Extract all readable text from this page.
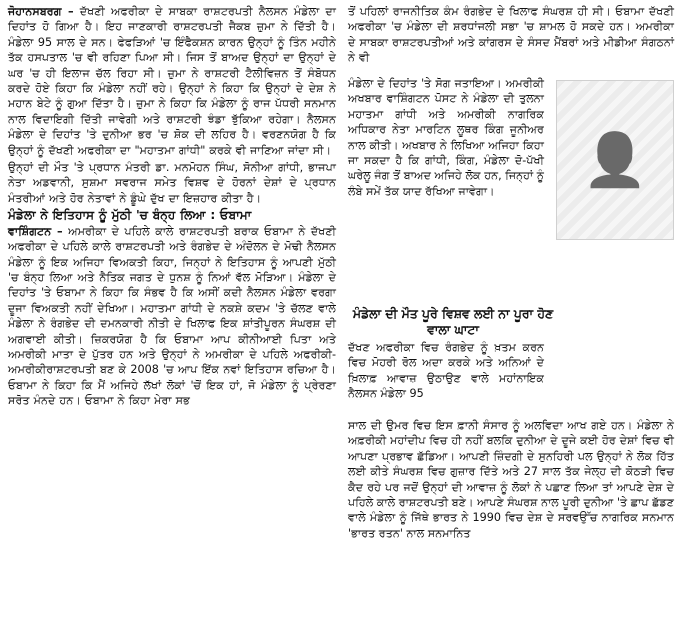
ਜੋਹਾਨਸਬਰਗ – ਦੱਖਣੀ ਅਫਰੀਕਾ ਦੇ ਸਾਬਕਾ ਰਾਸ਼ਟਰਪਤੀ ਨੈਲਸਨ ਮੰਡੇਲਾ ਦਾ ਦਿਹਾਂਤ ਹੋ ਗਿਆ ਹੈ। ਇਹ ਜਾਣਕਾਰੀ ਰਾਸ਼ਟਰਪਤੀ ਜੈਕਬ ਜ਼ੁਮਾ ਨੇ ਦਿੱਤੀ ਹੈ। ਮੰਡੇਲਾ 95 ਸਾਲ ਦੇ ਸਨ। ਫੇਫੜਿਆਂ 'ਚ ਇੰਫੈਕਸ਼ਨ ਕਾਰਨ ਉਨ੍ਹਾਂ ਨੂੰ ਤਿੰਨ ਮਹੀਨੇ ਤੱਕ ਹਸਪਤਾਲ 'ਚ ਵੀ ਰਹਿਣਾ ਪਿਆ ਸੀ। ਜਿਸ ਤੋਂ ਬਾਅਦ ਉਨ੍ਹਾਂ ਦਾ ਉਨ੍ਹਾਂ ਦੇ ਘਰ 'ਚ ਹੀ ਇਲਾਜ ਚੱਲ ਰਿਹਾ ਸੀ। ਜ਼ੁਮਾ ਨੇ ਰਾਸ਼ਟਰੀ ਟੈਲੀਵਿਜ਼ਨ ਤੋਂ ਸੰਬੋਧਨ ਕਰਦੇ ਹੋਏ ਕਿਹਾ ਕਿ ਮੰਡੇਲਾ ਨਹੀਂ ਰਹੇ। ਉਨ੍ਹਾਂ ਨੇ ਕਿਹਾ ਕਿ ਉਨ੍ਹਾਂ ਦੇ ਦੇਸ਼ ਨੇ ਮਹਾਨ ਬੇਟੇ ਨੂੰ ਗੁਆ ਦਿੱਤਾ ਹੈ। ਜ਼ੁਮਾ ਨੇ ਕਿਹਾ ਕਿ ਮੰਡੇਲਾ ਨੂੰ ਰਾਜ ਪੱਧਰੀ ਸਨਮਾਨ ਨਾਲ ਵਿਦਾਇਗੀ ਦਿੱਤੀ ਜਾਵੇਗੀ ਅਤੇ ਰਾਸ਼ਟਰੀ ਝੰਡਾ ਝੁੱਕਿਆ ਰਹੇਗਾ। ਨੈਲਸਨ ਮੰਡੇਲਾ ਦੇ ਦਿਹਾਂਤ 'ਤੇ ਦੁਨੀਆ ਭਰ 'ਚ ਸ਼ੋਕ ਦੀ ਲਹਿਰ ਹੈ। ਵਰਣਨਯੋਗ ਹੈ ਕਿ ਉਨ੍ਹਾਂ ਨੂੰ ਦੱਖਣੀ ਅਫਰੀਕਾ ਦਾ "ਮਹਾਤਮਾ ਗਾਂਧੀ" ਕਰਕੇ ਵੀ ਜਾਣਿਆ ਜਾਂਦਾ ਸੀ।

ਉਨ੍ਹਾਂ ਦੀ ਮੌਤ 'ਤੇ ਪ੍ਰਧਾਨ ਮੰਤਰੀ ਡਾ. ਮਨਮੋਹਨ ਸਿੰਘ, ਸੋਨੀਆ ਗਾਂਧੀ, ਭਾਜਪਾ ਨੇਤਾ ਅਡਵਾਨੀ, ਸੁਸ਼ਮਾ ਸਵਰਾਜ ਸਮੇਤ ਵਿਸ਼ਵ ਦੇ ਹੋਰਨਾਂ ਦੇਸ਼ਾਂ ਦੇ ਪ੍ਰਧਾਨ ਮੰਤਰੀਆਂ ਅਤੇ ਹੋਰ ਨੇਤਾਵਾਂ ਨੇ ਡੂੰਘੇ ਦੁੱਖ ਦਾ ਇਜ਼ਹਾਰ ਕੀਤਾ ਹੈ।

ਮੰਡੇਲਾ ਨੇ ਇਤਿਹਾਸ ਨੂੰ ਮੁੱਠੀ 'ਚ ਬੰਨ੍ਹ ਲਿਆ : ਓਬਾਮਾ

ਵਾਸ਼ਿੰਗਟਨ – ਅਮਰੀਕਾ ਦੇ ਪਹਿਲੇ ਕਾਲੇ ਰਾਸ਼ਟਰਪਤੀ ਬਰਾਕ ਓਬਾਮਾ ਨੇ ਦੱਖਣੀ ਅਫਰੀਕਾ ਦੇ ਪਹਿਲੇ ਕਾਲੇ ਰਾਸ਼ਟਰਪਤੀ ਅਤੇ ਰੰਗਭੇਦ ਦੇ ਅੰਦੋਲਨ ਦੇ ਮੋਢੀ ਨੈਲਸਨ ਮੰਡੇਲਾ ਨੂੰ ਇਕ ਅਜਿਹਾ ਵਿਅਕਤੀ ਕਿਹਾ, ਜਿਨ੍ਹਾਂ ਨੇ ਇਤਿਹਾਸ ਨੂੰ ਆਪਣੀ ਮੁੱਠੀ 'ਚ ਬੰਨ੍ਹ ਲਿਆ ਅਤੇ ਨੈਤਿਕ ਜਗਤ ਦੇ ਧੁਨਸ਼ ਨੂੰ ਨਿਆਂ ਵੱਲ ਮੋੜਿਆ। ਮੰਡੇਲਾ ਦੇ ਦਿਹਾਂਤ 'ਤੇ ਓਬਾਮਾ ਨੇ ਕਿਹਾ ਕਿ ਸੰਭਵ ਹੈ ਕਿ ਅਸੀਂ ਕਦੀ ਨੈਲਸਨ ਮੰਡੇਲਾ ਵਰਗਾ ਦੂਜਾ ਵਿਅਕਤੀ ਨਹੀਂ ਦੇਖਿਆ। ਮਹਾਤਮਾ ਗਾਂਧੀ ਦੇ ਨਕਸ਼ੇ ਕਦਮ 'ਤੇ ਚੱਲਣ ਵਾਲੇ ਮੰਡੇਲਾ ਨੇ ਰੰਗਭੇਦ ਦੀ ਦਮਨਕਾਰੀ ਨੀਤੀ ਦੇ ਖਿਲਾਫ ਇਕ ਸ਼ਾਂਤੀਪੂਰਨ ਸੰਘਰਸ਼ ਦੀ ਅਗਵਾਈ ਕੀਤੀ। ਜ਼ਿਕਰਯੋਗ ਹੈ ਕਿ ਓਬਾਮਾ ਆਪ ਕੀਨੀਆਈ ਪਿਤਾ ਅਤੇ ਅਮਰੀਕੀ ਮਾਤਾ ਦੇ ਪੁੱਤਰ ਹਨ ਅਤੇ ਉਨ੍ਹਾਂ ਨੇ ਅਮਰੀਕਾ ਦੇ ਪਹਿਲੇ ਅਫਰੀਕੀ-ਅਮਰੀਕੀਰਾਸ਼ਟਰਪਤੀ ਬਣ ਕੇ 2008 'ਚ ਆਪ ਇੱਕ ਨਵਾਂ ਇਤਿਹਾਸ ਰਚਿਆ ਹੈ। ਓਬਾਮਾ ਨੇ ਕਿਹਾ ਕਿ ਮੈਂ ਅਜਿਹੇ ਲੱਖਾਂ ਲੋਕਾਂ 'ਚੋਂ ਇਕ ਹਾਂ, ਜੋ ਮੰਡੇਲਾ ਨੂੰ ਪ੍ਰੇਰਣਾ ਸਰੋਤ ਮੰਨਦੇ ਹਨ। ਓਬਾਮਾ ਨੇ ਕਿਹਾ ਮੇਰਾ ਸਭ

ਤੋਂ ਪਹਿਲਾਂ ਰਾਜਨੀਤਿਕ ਕੰਮ ਰੰਗਭੇਦ ਦੇ ਖਿਲਾਫ ਸੰਘਰਸ਼ ਹੀ ਸੀ। ਓਬਾਮਾ ਦੱਖਣੀ ਅਫਰੀਕਾ 'ਚ ਮੰਡੇਲਾ ਦੀ ਸ਼ਰਧਾਂਜਲੀ ਸਭਾ 'ਚ ਸ਼ਾਮਲ ਹੋ ਸਕਦੇ ਹਨ। ਅਮਰੀਕਾ ਦੇ ਸਾਬਕਾ ਰਾਸ਼ਟਰਪਤੀਆਂ ਅਤੇ ਕਾਂਗਰਸ ਦੇ ਸੰਸਦ ਮੈਂਬਰਾਂ ਅਤੇ ਮੀਡੀਆ ਸੰਗਠਨਾਂ ਨੇ ਵੀ

ਮੰਡੇਲਾ ਦੇ ਦਿਹਾਂਤ 'ਤੇ ਸੋਗ ਜਤਾਇਆ। ਅਮਰੀਕੀ ਅਖਬਾਰ ਵਾਸ਼ਿੰਗਟਨ ਪੋਸਟ ਨੇ ਮੰਡੇਲਾ ਦੀ ਤੁਲਨਾ ਮਹਾਤਮਾ ਗਾਂਧੀ ਅਤੇ ਅਮਰੀਕੀ ਨਾਗਰਿਕ ਅਧਿਕਾਰ ਨੇਤਾ ਮਾਰਟਿਨ ਲੂਥਰ ਕਿੰਗ ਜੂਨੀਅਰ ਨਾਲ ਕੀਤੀ। ਅਖਬਾਰ ਨੇ ਲਿਖਿਆ ਅਜਿਹਾ ਕਿਹਾ ਜਾ ਸਕਦਾ ਹੈ ਕਿ ਗਾਂਧੀ, ਕਿੰਗ, ਮੰਡੇਲਾ ਦੋ-ਪੱਖੀ ਘਰੇਲੂ ਜੰਗ ਤੋਂ ਬਾਅਦ ਅਜਿਹੇ ਲੋਕ ਹਨ, ਜਿਨ੍ਹਾਂ ਨੂੰ ਲੰਬੇ ਸਮੇਂ ਤੱਕ ਯਾਦ ਰੱਖਿਆ ਜਾਵੇਗਾ।

👤
ਮੰਡੇਲਾ ਦੀ ਮੌਤ ਪੂਰੇ ਵਿਸ਼ਵ ਲਈ ਨਾ ਪੂਰਾ ਹੋਣ ਵਾਲਾ ਘਾਟਾ

ਦੱਖਣ ਅਫਰੀਕਾ ਵਿਚ ਰੰਗਭੇਦ ਨੂੰ ਖ਼ਤਮ ਕਰਨ ਵਿਚ ਮੋਹਰੀ ਰੋਲ ਅਦਾ ਕਰਕੇ ਅਤੇ ਅਨਿਆਂ ਦੇ ਖ਼ਿਲਾਫ਼ ਆਵਾਜ਼ ਉਠਾਉਣ ਵਾਲੇ ਮਹਾਂਨਾਇਕ ਨੈਲਸਨ ਮੰਡੇਲਾ 95

ਸਾਲ ਦੀ ਉਮਰ ਵਿਚ ਇਸ ਫ਼ਾਨੀ ਸੰਸਾਰ ਨੂੰ ਅਲਵਿਦਾ ਆਖ ਗਏ ਹਨ। ਮੰਡੇਲਾ ਨੇ ਅਫ਼ਰੀਕੀ ਮਹਾਂਦੀਪ ਵਿਚ ਹੀ ਨਹੀਂ ਬਲਕਿ ਦੁਨੀਆ ਦੇ ਦੂਜੇ ਕਈ ਹੋਰ ਦੇਸ਼ਾਂ ਵਿਚ ਵੀ ਆਪਣਾ ਪ੍ਰਭਾਵ ਛੱਡਿਆ। ਆਪਣੀ ਜ਼ਿੰਦਗੀ ਦੇ ਸੁਨਹਿਰੀ ਪਲ ਉਨ੍ਹਾਂ ਨੇ ਲੋਕ ਹਿੱਤ ਲਈ ਕੀਤੇ ਸੰਘਰਸ਼ ਵਿਚ ਗੁਜ਼ਾਰ ਦਿੱਤੇ ਅਤੇ 27 ਸਾਲ ਤੱਕ ਜੇਲ੍ਹ ਦੀ ਕੋਠੜੀ ਵਿਚ ਕੈਦ ਰਹੇ ਪਰ ਜਦੋਂ ਉਨ੍ਹਾਂ ਦੀ ਆਵਾਜ਼ ਨੂੰ ਲੋਕਾਂ ਨੇ ਪਛਾਣ ਲਿਆ ਤਾਂ ਆਪਣੇ ਦੇਸ਼ ਦੇ ਪਹਿਲੇ ਕਾਲੇ ਰਾਸ਼ਟਰਪਤੀ ਬਣੇ। ਆਪਣੇ ਸੰਘਰਸ਼ ਨਾਲ ਪੂਰੀ ਦੁਨੀਆ 'ਤੇ ਛਾਪ ਛੱਡਣ ਵਾਲੇ ਮੰਡੇਲਾ ਨੂੰ ਜਿੱਥੇ ਭਾਰਤ ਨੇ 1990 ਵਿਚ ਦੇਸ਼ ਦੇ ਸਰਵਉੱਚ ਨਾਗਰਿਕ ਸਨਮਾਨ 'ਭਾਰਤ ਰਤਨ' ਨਾਲ ਸਨਮਾਨਿਤ
